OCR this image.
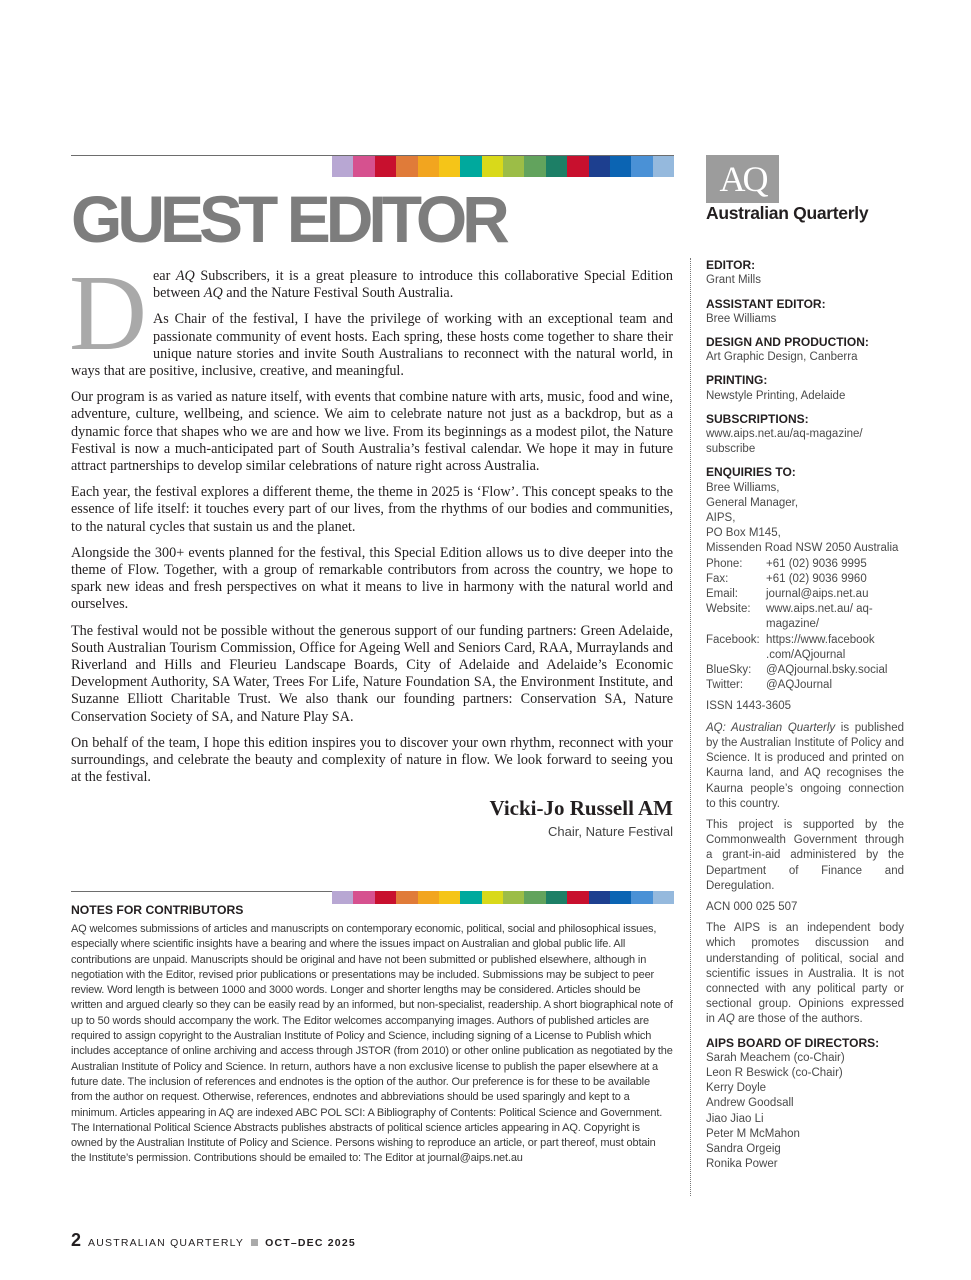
GUEST EDITOR

Dear AQ Subscribers, it is a great pleasure to introduce this collaborative Special Edition between AQ and the Nature Festival South Australia.

As Chair of the festival, I have the privilege of working with an exceptional team and passionate community of event hosts. Each spring, these hosts come together to share their unique nature stories and invite South Australians to reconnect with the natural world, in ways that are positive, inclusive, creative, and meaningful.

Our program is as varied as nature itself, with events that combine nature with arts, music, food and wine, adventure, culture, wellbeing, and science. We aim to celebrate nature not just as a backdrop, but as a dynamic force that shapes who we are and how we live. From its beginnings as a modest pilot, the Nature Festival is now a much-anticipated part of South Australia’s festival calendar. We hope it may in future attract partnerships to develop similar celebrations of nature right across Australia.

Each year, the festival explores a different theme, the theme in 2025 is ‘Flow’. This concept speaks to the essence of life itself: it touches every part of our lives, from the rhythms of our bodies and communities, to the natural cycles that sustain us and the planet.

Alongside the 300+ events planned for the festival, this Special Edition allows us to dive deeper into the theme of Flow. Together, with a group of remarkable contributors from across the country, we hope to spark new ideas and fresh perspectives on what it means to live in harmony with the natural world and ourselves.

The festival would not be possible without the generous support of our funding partners: Green Adelaide, South Australian Tourism Commission, Office for Ageing Well and Seniors Card, RAA, Murraylands and Riverland and Hills and Fleurieu Landscape Boards, City of Adelaide and Adelaide’s Economic Development Authority, SA Water, Trees For Life, Nature Foundation SA, the Environment Institute, and Suzanne Elliott Charitable Trust. We also thank our founding partners: Conservation SA, Nature Conservation Society of SA, and Nature Play SA.

On behalf of the team, I hope this edition inspires you to discover your own rhythm, reconnect with your surroundings, and celebrate the beauty and complexity of nature in flow. We look forward to seeing you at the festival.

Vicki-Jo Russell AM
Chair, Nature Festival
NOTES FOR CONTRIBUTORS

AQ welcomes submissions of articles and manuscripts on contemporary economic, political, social and philosophical issues, especially where scientific insights have a bearing and where the issues impact on Australian and global public life. All contributions are unpaid. Manuscripts should be original and have not been submitted or published elsewhere, although in negotiation with the Editor, revised prior publications or presentations may be included. Submissions may be subject to peer review. Word length is between 1000 and 3000 words. Longer and shorter lengths may be considered. Articles should be written and argued clearly so they can be easily read by an informed, but non-specialist, readership. A short biographical note of up to 50 words should accompany the work. The Editor welcomes accompanying images. Authors of published articles are required to assign copyright to the Australian Institute of Policy and Science, including signing of a License to Publish which includes acceptance of online archiving and access through JSTOR (from 2010) or other online publication as negotiated by the Australian Institute of Policy and Science. In return, authors have a non exclusive license to publish the paper elsewhere at a future date. The inclusion of references and endnotes is the option of the author. Our preference is for these to be available from the author on request. Otherwise, references, endnotes and abbreviations should be used sparingly and kept to a minimum. Articles appearing in AQ are indexed ABC POL SCI: A Bibliography of Contents: Political Science and Government. The International Political Science Abstracts publishes abstracts of political science articles appearing in AQ. Copyright is owned by the Australian Institute of Policy and Science. Persons wishing to reproduce an article, or part thereof, must obtain the Institute’s permission. Contributions should be emailed to: The Editor at journal@aips.net.au

AQ
Australian Quarterly
EDITOR:
Grant Mills
ASSISTANT EDITOR:
Bree Williams
DESIGN AND PRODUCTION:
Art Graphic Design, Canberra
PRINTING:
Newstyle Printing, Adelaide
SUBSCRIPTIONS:
www.aips.net.au/aq-magazine/
subscribe
ENQUIRIES TO:
Bree Williams,
General Manager,
AIPS,
PO Box M145,
Missenden Road NSW 2050 Australia
Phone:	+61 (02) 9036 9995
Fax:	+61 (02) 9036 9960
Email:	journal@aips.net.au
Website:	www.aips.net.au/ aq-magazine/
Facebook: https://www.facebook .com/AQjournal
BlueSky:	@AQjournal.bsky.social
Twitter:	@AQJournal
ISSN 1443-3605
AQ: Australian Quarterly is published by the Australian Institute of Policy and Science. It is produced and printed on Kaurna land, and AQ recognises the Kaurna people’s ongoing connection to this country.
This project is supported by the Commonwealth Government through a grant-in-aid administered by the Department of Finance and Deregulation.
ACN 000 025 507
The AIPS is an independent body which promotes discussion and understanding of political, social and scientific issues in Australia. It is not connected with any political party or sectional group. Opinions expressed in AQ are those of the authors.
AIPS BOARD OF DIRECTORS:
Sarah Meachem (co-Chair)
Leon R Beswick (co-Chair)
Kerry Doyle
Andrew Goodsall
Jiao Jiao Li
Peter M McMahon
Sandra Orgeig
Ronika Power
2 AUSTRALIAN QUARTERLY OCT–DEC 2025
